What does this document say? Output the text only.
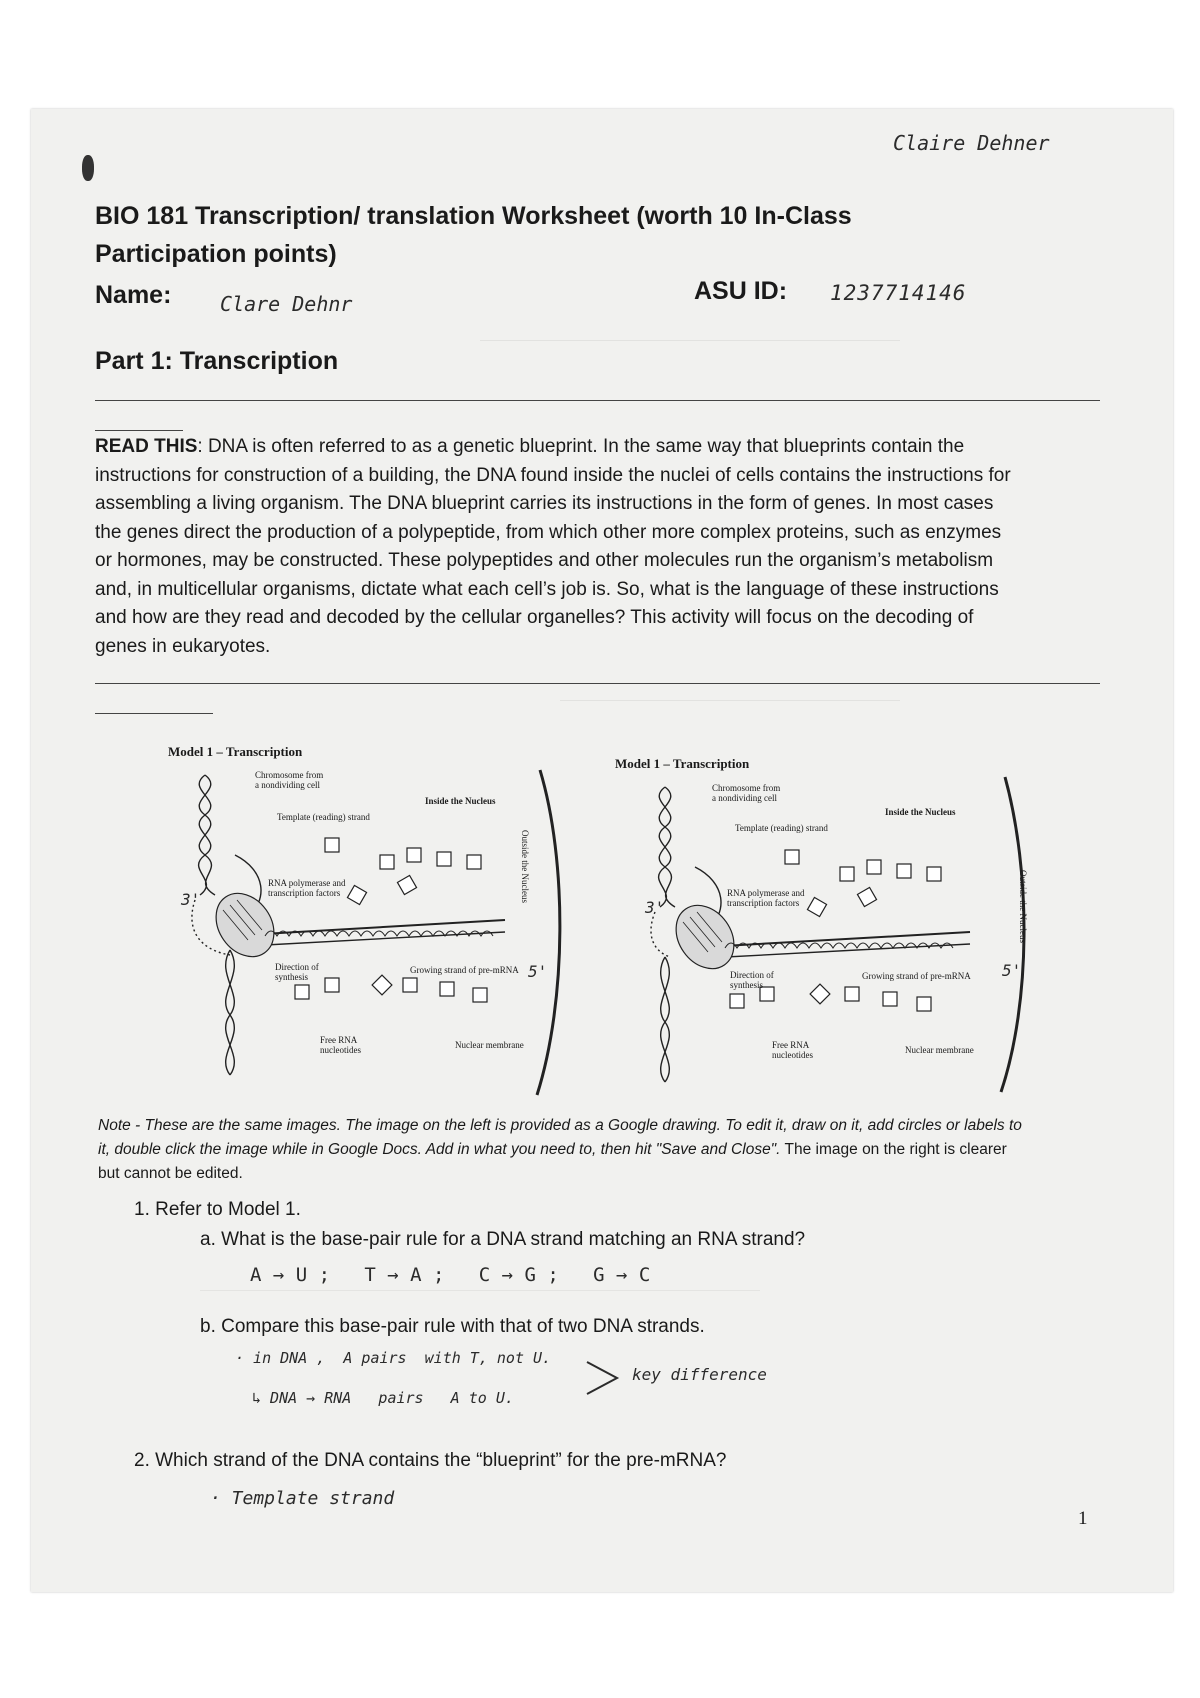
Claire Dehner
BIO 181 Transcription/ translation Worksheet (worth 10 In-Class
Participation points)
Name: Clare Dehnr	ASU ID: 1237714146
Part 1: Transcription
READ THIS: DNA is often referred to as a genetic blueprint. In the same way that blueprints contain the
instructions for construction of a building, the DNA found inside the nuclei of cells contains the instructions for
assembling a living organism. The DNA blueprint carries its instructions in the form of genes. In most cases
the genes direct the production of a polypeptide, from which other more complex proteins, such as enzymes
or hormones, may be constructed. These polypeptides and other molecules run the organism’s metabolism
and, in multicellular organisms, dictate what each cell’s job is. So, what is the language of these instructions
and how are they read and decoded by the cellular organelles? This activity will focus on the decoding of
genes in eukaryotes.
Model 1 – Transcription
Chromosome from a nondividing cell
Template (reading) strand
Inside the Nucleus
Outside the Nucleus
RNA polymerase and transcription factors
Direction of synthesis
Growing strand of pre-mRNA
Free RNA nucleotides	Nuclear membrane
3'
5'
Model 1 – Transcription
Chromosome from a nondividing cell
Template (reading) strand
Inside the Nucleus
Outside the Nucleus
RNA polymerase and transcription factors
Direction of synthesis
Growing strand of pre-mRNA
Free RNA nucleotides	Nuclear membrane
3'
5'
Note - These are the same images. The image on the left is provided as a Google drawing. To edit it, draw on it, add circles or labels to
it, double click the image while in Google Docs. Add in what you need to, then hit "Save and Close". The image on the right is clearer
but cannot be edited.
1. Refer to Model 1.
a. What is the base-pair rule for a DNA strand matching an RNA strand?
A → U ;   T → A ;   C → G ;   G → C
b. Compare this base-pair rule with that of two DNA strands.
· in DNA ,  A pairs  with T, not U.
↳ DNA → RNA   pairs   A to U.
key difference
2. Which strand of the DNA contains the “blueprint” for the pre-mRNA?
· Template strand
1
